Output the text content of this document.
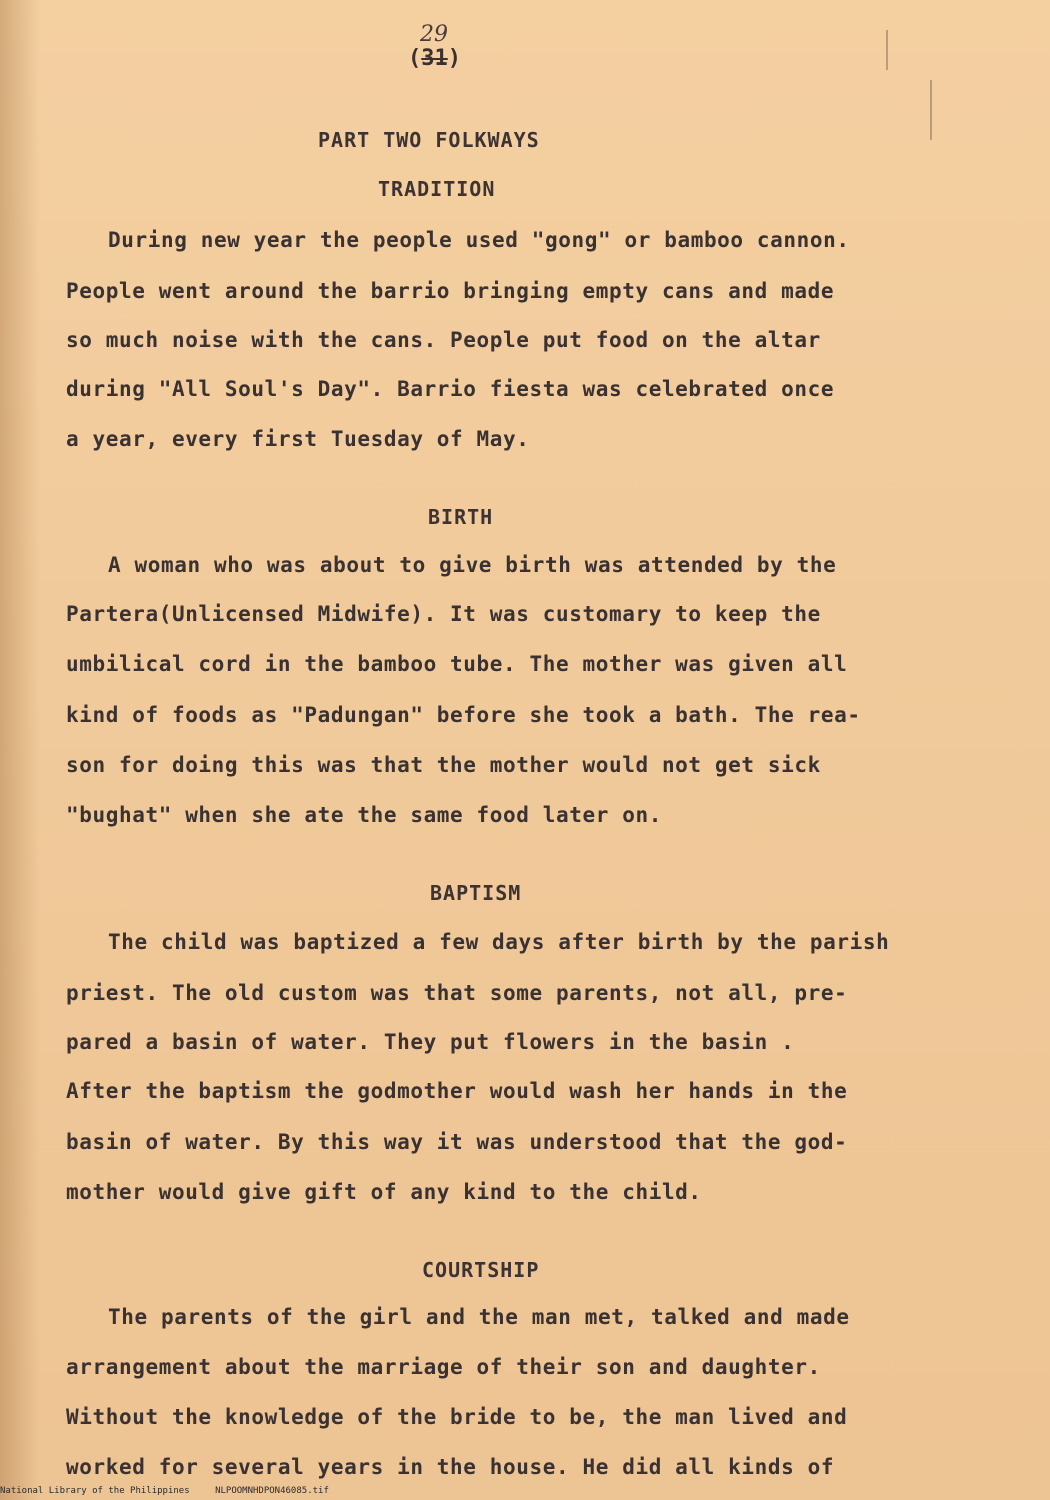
29
(31)
PART TWO FOLKWAYS
TRADITION
During new year the people used "gong" or bamboo cannon.
People went around the barrio bringing empty cans and made
so much noise with the cans. People put food on the altar
during "All Soul's Day". Barrio fiesta was celebrated once
a year, every first Tuesday of May.
BIRTH
A woman who was about to give birth was attended by the
Partera(Unlicensed Midwife). It was customary to keep the
umbilical cord in the bamboo tube. The mother was given all
kind of foods as "Padungan" before she took a bath. The rea-
son for doing this was that the mother would not get sick
"bughat" when she ate the same food later on.
BAPTISM
The child was baptized a few days after birth by the parish
priest. The old custom was that some parents, not all, pre-
pared a basin of water. They put flowers in the basin .
After the baptism the godmother would wash her hands in the
basin of water. By this way it was understood that the god-
mother would give gift of any kind to the child.
COURTSHIP
The parents of the girl and the man met, talked and made
arrangement about the marriage of their son and daughter.
Without the knowledge of the bride to be, the man lived and
worked for several years in the house. He did all kinds of
National Library of the Philippines	NLPOOMNHDPON46085.tif
